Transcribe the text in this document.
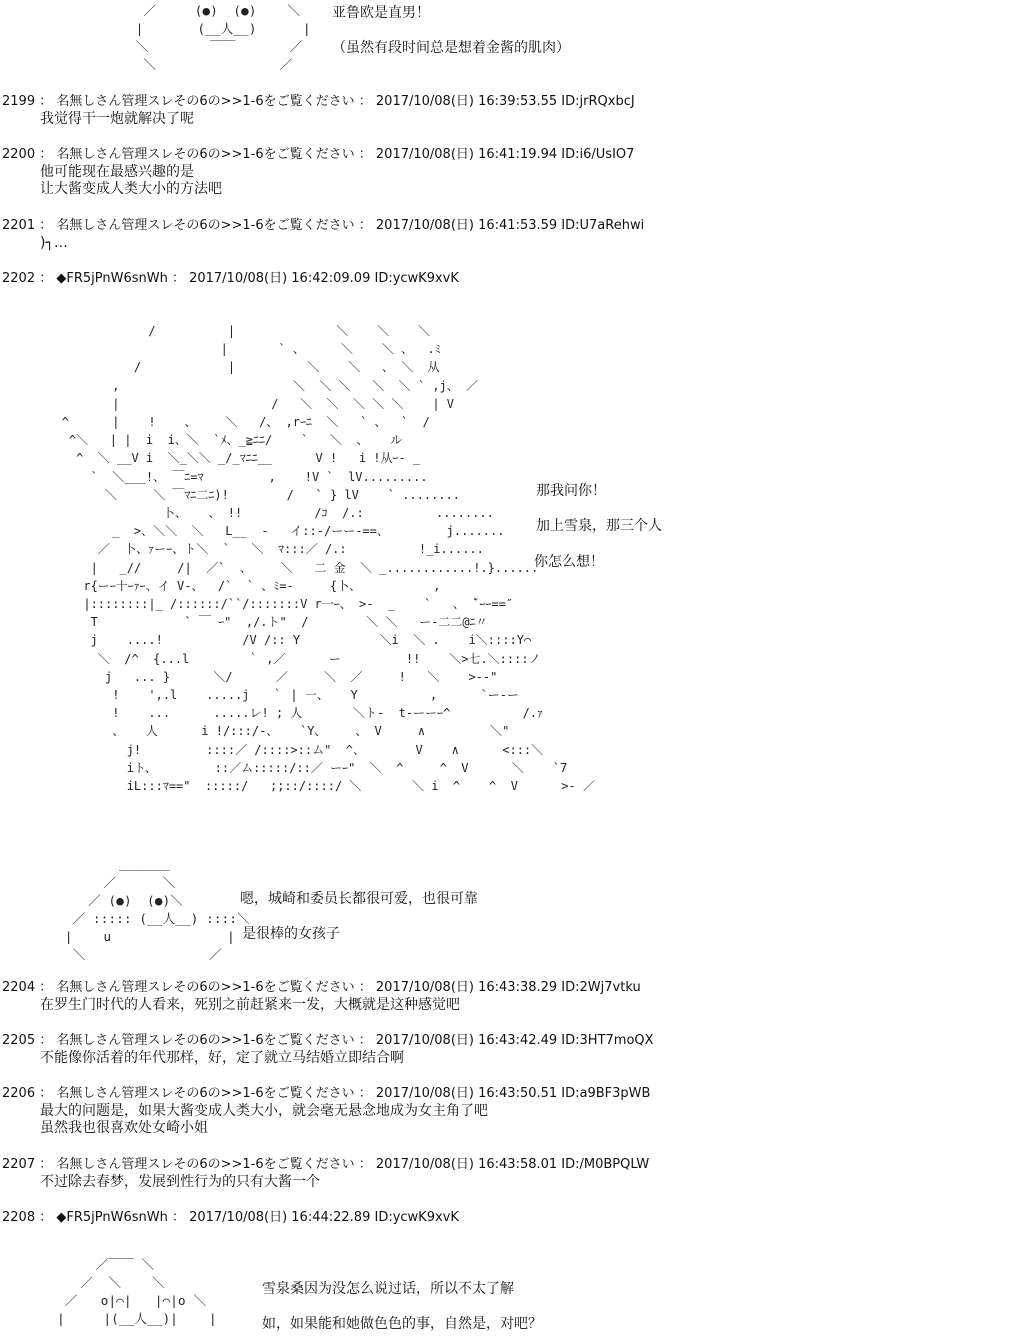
／     (●)  (●)    ＼
|       (__人__)      |
＼        ￣￣       ／
＼                ／
亚鲁欧是直男！
（虽然有段时间总是想着金酱的肌肉）
2199 ： 名無しさん管理スレその6の>>1-6をご覧ください ： 2017/10/08(日) 16:39:53.55 ID:jrRQxbcJ
我觉得干一炮就解决了呢
2200 ： 名無しさん管理スレその6の>>1-6をご覧ください ： 2017/10/08(日) 16:41:19.94 ID:i6/UsIO7
他可能现在最感兴趣的是
让大酱变成人类大小的方法吧
2201 ： 名無しさん管理スレその6の>>1-6をご覧ください ： 2017/10/08(日) 16:41:53.59 ID:U7aRehwi
)┐…
2202 ： ◆FR5jPnW6snWh ： 2017/10/08(日) 16:42:09.09 ID:ycwK9xvK
/          |              ＼    ＼    ＼
|       ` 、     ＼    ＼ 、  .ﾐ
/            |          ＼    ＼   、 ＼  从
,                        ＼  ＼ ＼   ＼  ＼ ` ,j、 ／
|                     /   ＼  ＼  ＼ ＼ ＼    | V
^      |    !    、    ＼   /、 ,rｰﾆ  ＼   ` 、  `  /
^＼   | |  i  i、＼  `ﾒ、_≧ﾆﾆ/    `   ＼  、   ル
^  ＼ __V i  ＼_＼＼ _/_ﾏﾆﾆ__      V !   i !从ｰ- _
`  ＼___!、 ￣ﾆ=ﾏ         ,    !V `  lV.........
＼     ＼ ￣ﾏﾆ二ﾆ)!        /   ` } lV    ` ........
卜、   、 !!          /ｺ  /.:          ........
_  >、＼＼  ＼   L__  -   イ::-/ーー-==、        j.......
／  卜、ｧーｰ、ト＼  `   ＼  ﾏ:::／ /.:          !_i......
|   _//     /|  ／`  、    ＼   二 金  ＼ _............!.}......
r{ーｰ十ｰｧｰ、イ V-、  /`  ` 、ﾐ=-     {卜、          ,
|::::::::|_ /::::::/``/:::::::V r一ｰ、 >-  _    `   、 ̄`ｰｰ==″
T            ` ￣ ｰ"  ,/.ト"  /        ＼ ＼   ー-二二@ﾆ〃
j    ....!           /V /:: Y           ＼i  ＼ .    i＼::::Y⌒
＼  /^  {...l        ｀ ,／      ー         !!    ＼>七.＼::::ノ
j   ... }      ＼/      ／     ＼  ／     !   ＼    >-‐"
!    ',.l    .....j   ｀ | 一、   Y          ,      `ー-ー
!    ...      .....レ! ; 人       ＼ト-  t-ーーｰ^          /.ｧ
、   人      i !/:::/-、   `Y、    、 V     ∧         ＼"
j!         ::::／ /::::>::ム"  ^、       V    ∧      <:::＼
iト、        ::／ム:::::/::／ ーｰ"  ＼  ^     ^  V      ＼    `7
iL:::ﾏ=="  :::::/   ;;::/::::/ ＼       ＼ i  ^    ^  V      >- ／
那我问你！
加上雪泉，那三个人
你怎么想！
＿＿＿＿
／      ＼
／ (●)  (●)＼
／ ::::: (__人__) ::::＼
|    u               |
＼                ／
嗯，城崎和委员长都很可爱，也很可靠
是很棒的女孩子
2204 ： 名無しさん管理スレその6の>>1-6をご覧ください ： 2017/10/08(日) 16:43:38.29 ID:2Wj7vtku
在罗生门时代的人看来，死别之前赶紧来一发，大概就是这种感觉吧
2205 ： 名無しさん管理スレその6の>>1-6をご覧ください ： 2017/10/08(日) 16:43:42.49 ID:3HT7moQX
不能像你活着的年代那样，好，定了就立马结婚立即结合啊
2206 ： 名無しさん管理スレその6の>>1-6をご覧ください ： 2017/10/08(日) 16:43:50.51 ID:a9BF3pWB
最大的问题是，如果大酱变成人类大小，就会毫无悬念地成为女主角了吧
虽然我也很喜欢处女崎小姐
2207 ： 名無しさん管理スレその6の>>1-6をご覧ください ： 2017/10/08(日) 16:43:58.01 ID:/M0BPQLW
不过除去春梦，发展到性行为的只有大酱一个
2208 ： ◆FR5jPnW6snWh ： 2017/10/08(日) 16:44:22.89 ID:ycwK9xvK
／￣￣ ＼
／  ＼    ＼
／   o|⌒|   |⌒|o ＼
|     |(__人__)|    |
雪泉桑因为没怎么说过话，所以不太了解
如，如果能和她做色色的事，自然是，对吧？
